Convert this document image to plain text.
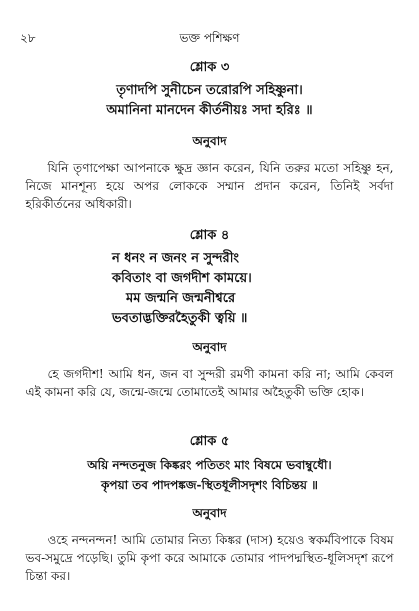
২৮	ভক্ত পশিক্ষণ

শ্লোক ৩

তৃণাদপি সুনীচেন তরোরপি সহিষ্ণুনা।
অমানিনা মানদেন কীর্তনীয়ঃ সদা হরিঃ ॥

অনুবাদ

যিনি তৃণাপেক্ষা আপনাকে ক্ষুদ্র জ্ঞান করেন, যিনি তরুর মতো সহিষ্ণু হন, নিজে মানশূন্য হয়ে অপর লোককে সম্মান প্রদান করেন, তিনিই সর্বদা হরিকীর্তনের অধিকারী।

শ্লোক ৪

ন ধনং ন জনং ন সুন্দরীং
কবিতাং বা জগদীশ কাময়ে।
মম জন্মনি জন্মনীশ্বরে
ভবতাদ্ভক্তিরহৈতুকী ত্বয়ি ॥

অনুবাদ

হে জগদীশ! আমি ধন, জন বা সুন্দরী রমণী কামনা করি না; আমি কেবল এই কামনা করি যে, জন্মে-জন্মে তোমাতেই আমার অহৈতুকী ভক্তি হোক।

শ্লোক ৫

অয়ি নন্দতনুজ কিঙ্করং পতিতং মাং বিষমে ভবাম্বুধৌ।
কৃপয়া তব পাদপঙ্কজ-স্থিতধূলীসদৃশং বিচিন্তয় ॥

অনুবাদ

ওহে নন্দনন্দন! আমি তোমার নিত্য কিঙ্কর (দাস) হয়েও স্বকর্মবিপাকে বিষম ভব-সমুদ্রে পড়েছি। তুমি কৃপা করে আমাকে তোমার পাদপদ্মস্থিত-ধূলিসদৃশ রূপে চিন্তা কর।
